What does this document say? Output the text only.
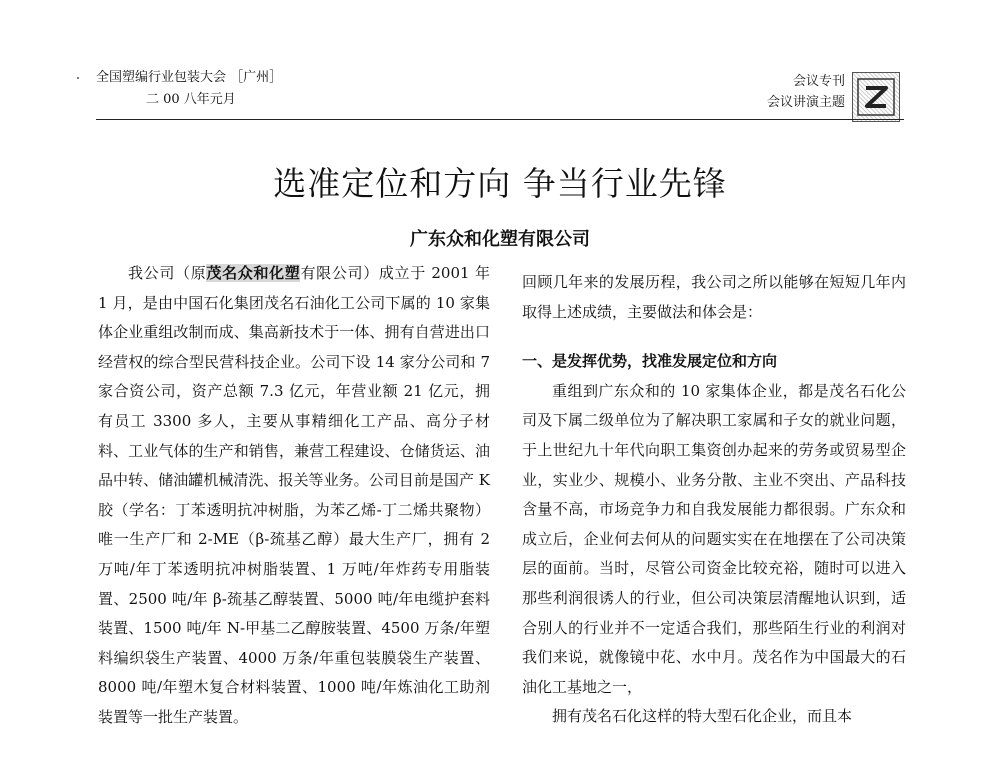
全国塑编行业包装大会 ［广州］
二 00 八年元月
会议专刊
会议讲演主题
选准定位和方向 争当行业先锋
广东众和化塑有限公司

我公司（原茂名众和化塑有限公司）成立于 2001 年 1 月，是由中国石化集团茂名石油化工公司下属的 10 家集体企业重组改制而成、集高新技术于一体、拥有自营进出口经营权的综合型民营科技企业。公司下设 14 家分公司和 7 家合资公司，资产总额 7.3 亿元，年营业额 21 亿元，拥有员工 3300 多人，主要从事精细化工产品、高分子材料、工业气体的生产和销售，兼营工程建设、仓储货运、油品中转、储油罐机械清洗、报关等业务。公司目前是国产 K 胶（学名：丁苯透明抗冲树脂，为苯乙烯-丁二烯共聚物）唯一生产厂和 2-ME（β-巯基乙醇）最大生产厂，拥有 2 万吨/年丁苯透明抗冲树脂装置、1 万吨/年炸药专用脂装置、2500 吨/年 β-巯基乙醇装置、5000 吨/年电缆护套料装置、1500 吨/年 N-甲基二乙醇胺装置、4500 万条/年塑料编织袋生产装置、4000 万条/年重包装膜袋生产装置、8000 吨/年塑木复合材料装置、1000 吨/年炼油化工助剂装置等一批生产装置。

回顾几年来的发展历程，我公司之所以能够在短短几年内取得上述成绩，主要做法和体会是：

一、是发挥优势，找准发展定位和方向

重组到广东众和的 10 家集体企业，都是茂名石化公司及下属二级单位为了解决职工家属和子女的就业问题，于上世纪九十年代向职工集资创办起来的劳务或贸易型企业，实业少、规模小、业务分散、主业不突出、产品科技含量不高，市场竞争力和自我发展能力都很弱。广东众和成立后，企业何去何从的问题实实在在地摆在了公司决策层的面前。当时，尽管公司资金比较充裕，随时可以进入那些利润很诱人的行业，但公司决策层清醒地认识到，适合别人的行业并不一定适合我们，那些陌生行业的利润对我们来说，就像镜中花、水中月。茂名作为中国最大的石油化工基地之一，

拥有茂名石化这样的特大型石化企业，而且本
